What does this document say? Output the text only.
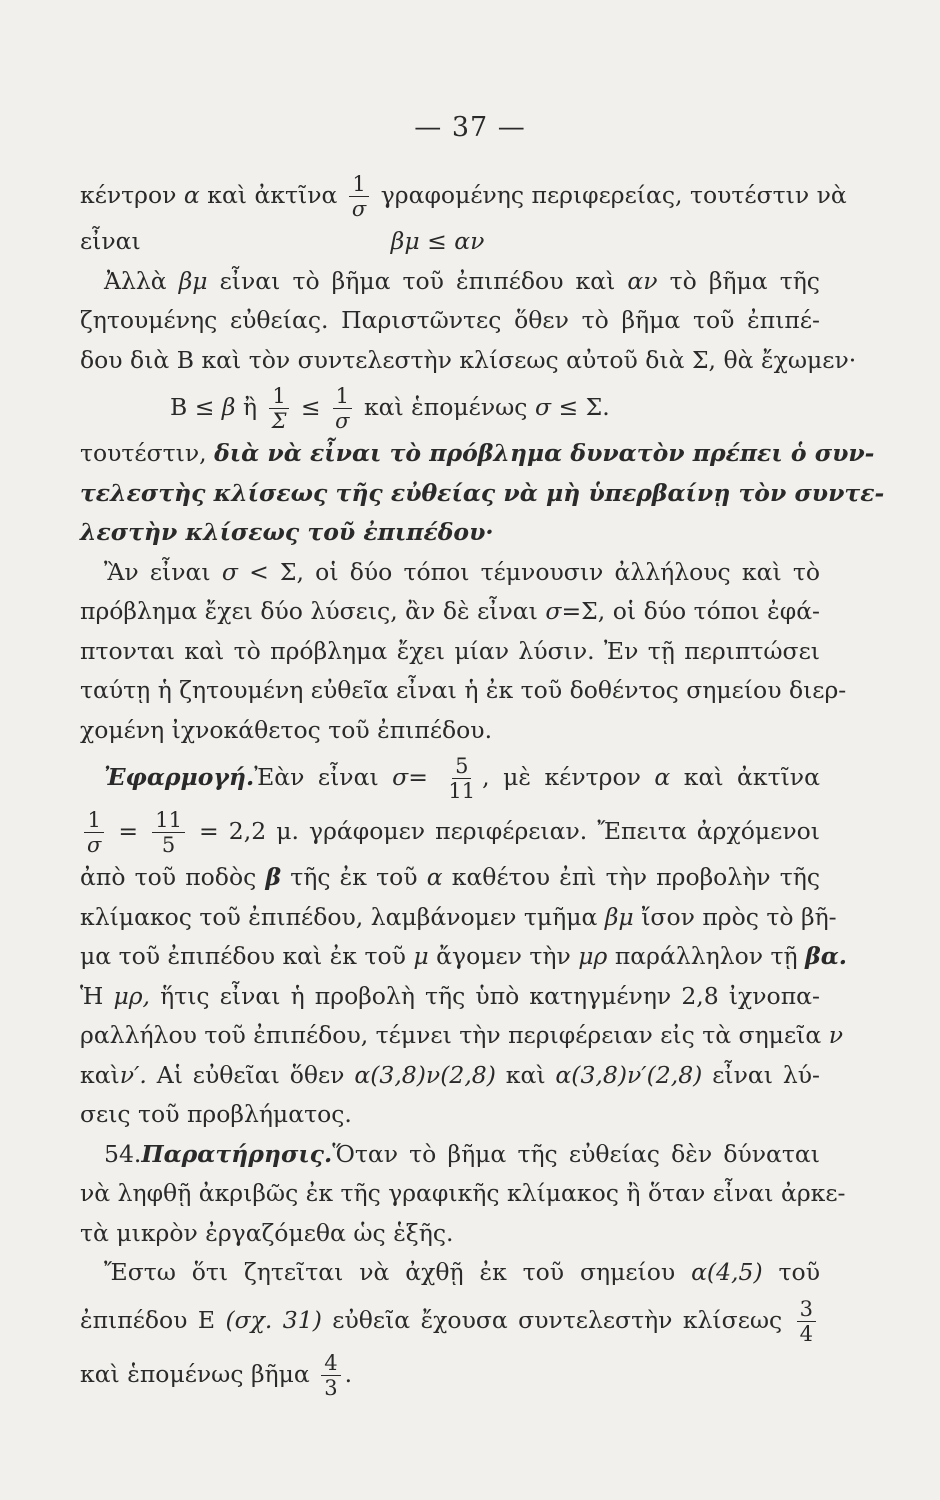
— 37 —
κέντρον α καὶ ἀκτῖνα $\frac{1}{\sigma}$ γραφομένης περιφερείας, τουτέστιν νὰ
εἶναι	βμ ≤ αν
Ἀλλὰ βμ εἶναι τὸ βῆμα τοῦ ἐπιπέδου καὶ αν τὸ βῆμα τῆς
ζητουμένης εὐθείας. Παριστῶντες ὅθεν τὸ βῆμα τοῦ ἐπιπέ-
δου διὰ Β καὶ τὸν συντελεστὴν κλίσεως αὐτοῦ διὰ Σ, θὰ ἔχωμεν·
Β ≤ β ἢ $\frac{1}{\Sigma} \le \frac{1}{\sigma}$ καὶ ἑπομένως σ ≤ Σ.
τουτέστιν, διὰ νὰ εἶναι τὸ πρόβλημα δυνατὸν πρέπει ὁ συν-
τελεστὴς κλίσεως τῆς εὐθείας νὰ μὴ ὑπερβαίνῃ τὸν συντε-
λεστὴν κλίσεως τοῦ ἐπιπέδου·
Ἂν εἶναι σ < Σ, οἱ δύο τόποι τέμνουσιν ἀλλήλους καὶ τὸ
πρόβλημα ἔχει δύο λύσεις, ἂν δὲ εἶναι σ=Σ, οἱ δύο τόποι ἐφά-
πτονται καὶ τὸ πρόβλημα ἔχει μίαν λύσιν. Ἐν τῇ περιπτώσει
ταύτῃ ἡ ζητουμένη εὐθεῖα εἶναι ἡ ἐκ τοῦ δοθέντος σημείου διερ-
χομένη ἰχνοκάθετος τοῦ ἐπιπέδου.
Ἐφαρμογή.Ἐὰν εἶναι $\sigma= \frac{5}{11}$ , μὲ κέντρον α καὶ ἀκτῖνα
$\frac{1}{\sigma} = \frac{11}{5} = 2,2$ μ. γράφομεν περιφέρειαν. Ἔπειτα ἀρχόμενοι
ἀπὸ τοῦ ποδὸς β τῆς ἐκ τοῦ α καθέτου ἐπὶ τὴν προβολὴν τῆς
κλίμακος τοῦ ἐπιπέδου, λαμβάνομεν τμῆμα βμ ἴσον πρὸς τὸ βῆ-
μα τοῦ ἐπιπέδου καὶ ἐκ τοῦ μ ἄγομεν τὴν μρ παράλληλον τῇ βα.
Ἡ μρ, ἥτις εἶναι ἡ προβολὴ τῆς ὑπὸ κατηγμένην 2,8 ἰχνοπα-
ραλλήλου τοῦ ἐπιπέδου, τέμνει τὴν περιφέρειαν εἰς τὰ σημεῖα ν
καὶν′. Αἱ εὐθεῖαι ὅθεν α(3,8)ν(2,8) καὶ α(3,8)ν′(2,8) εἶναι λύ-
σεις τοῦ προβλήματος.
54.Παρατήρησις.Ὅταν τὸ βῆμα τῆς εὐθείας δὲν δύναται
νὰ ληφθῇ ἀκριβῶς ἐκ τῆς γραφικῆς κλίμακος ἢ ὅταν εἶναι ἀρκε-
τὰ μικρὸν ἐργαζόμεθα ὡς ἑξῆς.
Ἔστω ὅτι ζητεῖται νὰ ἀχθῇ ἐκ τοῦ σημείου α(4,5) τοῦ
ἐπιπέδου Ε (σχ. 31) εὐθεῖα ἔχουσα συντελεστὴν κλίσεως $\frac{3}{4}$
καὶ ἑπομένως βῆμα $\frac{4}{3}$ .
